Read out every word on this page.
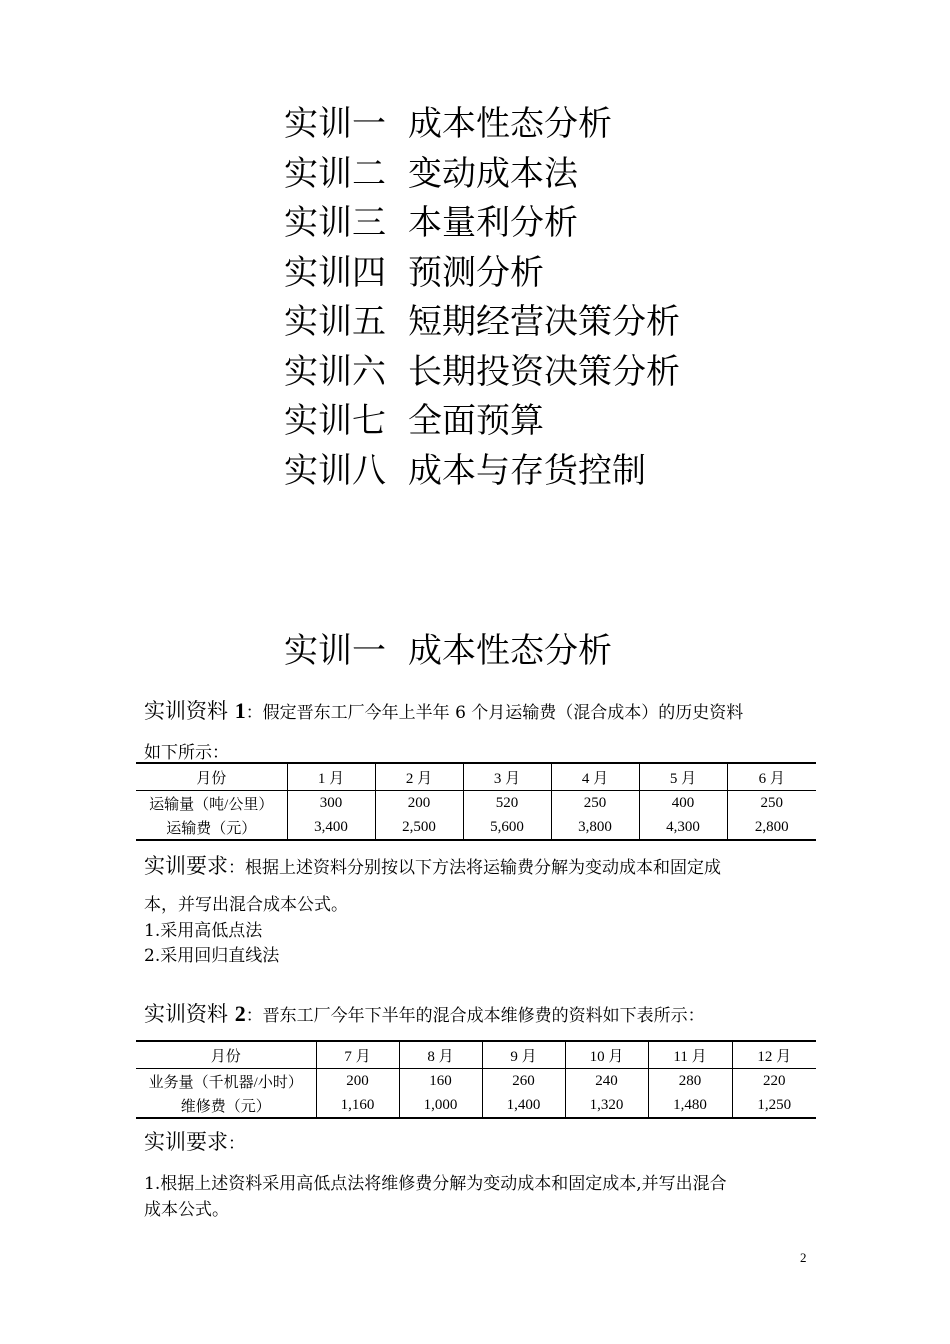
实训一 成本性态分析
实训二 变动成本法
实训三 本量利分析
实训四 预测分析
实训五 短期经营决策分析
实训六 长期投资决策分析
实训七 全面预算
实训八 成本与存货控制
实训一 成本性态分析
实训资料 1：假定晋东工厂今年上半年 6 个月运输费（混合成本）的历史资料
如下所示：
月份	1 月	2 月	3 月	4 月	5 月	6 月
运输量（吨/公里）	300	200	520	250	400	250
运输费（元）	3,400	2,500	5,600	3,800	4,300	2,800
实训要求：根据上述资料分别按以下方法将运输费分解为变动成本和固定成
本，并写出混合成本公式。
1.采用高低点法
2.采用回归直线法
实训资料 2：晋东工厂今年下半年的混合成本维修费的资料如下表所示：
月份	7 月	8 月	9 月	10 月	11 月	12 月
业务量（千机器/小时）	200	160	260	240	280	220
维修费（元）	1,160	1,000	1,400	1,320	1,480	1,250
实训要求：
1.根据上述资料采用高低点法将维修费分解为变动成本和固定成本,并写出混合
成本公式。
2
